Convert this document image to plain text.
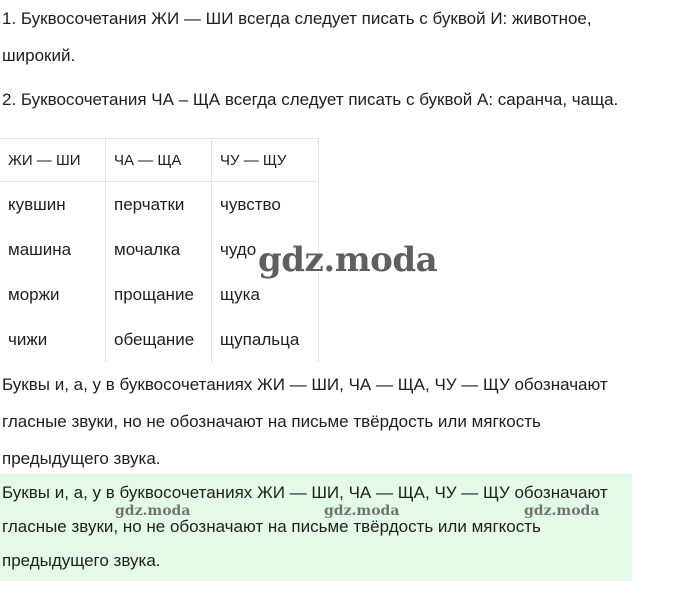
1. Буквосочетания ЖИ — ШИ всегда следует писать с буквой И: животное,
широкий.
2. Буквосочетания ЧА – ЩА всегда следует писать с буквой А: саранча, чаща.
ЖИ — ШИ	ЧА — ЩА	ЧУ — ЩУ
кувшин	перчатки	чувство
машина	мочалка	чудо
моржи	прощание	щука
чижи	обещание	щупальца
gdz.moda
Буквы и, а, у в буквосочетаниях ЖИ — ШИ, ЧА — ЩА, ЧУ — ЩУ обозначают
гласные звуки, но не обозначают на письме твёрдость или мягкость
предыдущего звука.
Буквы и, а, у в буквосочетаниях ЖИ — ШИ, ЧА — ЩА, ЧУ — ЩУ обозначают
гласные звуки, но не обозначают на письме твёрдость или мягкость
предыдущего звука.
gdz.moda	gdz.moda	gdz.moda
